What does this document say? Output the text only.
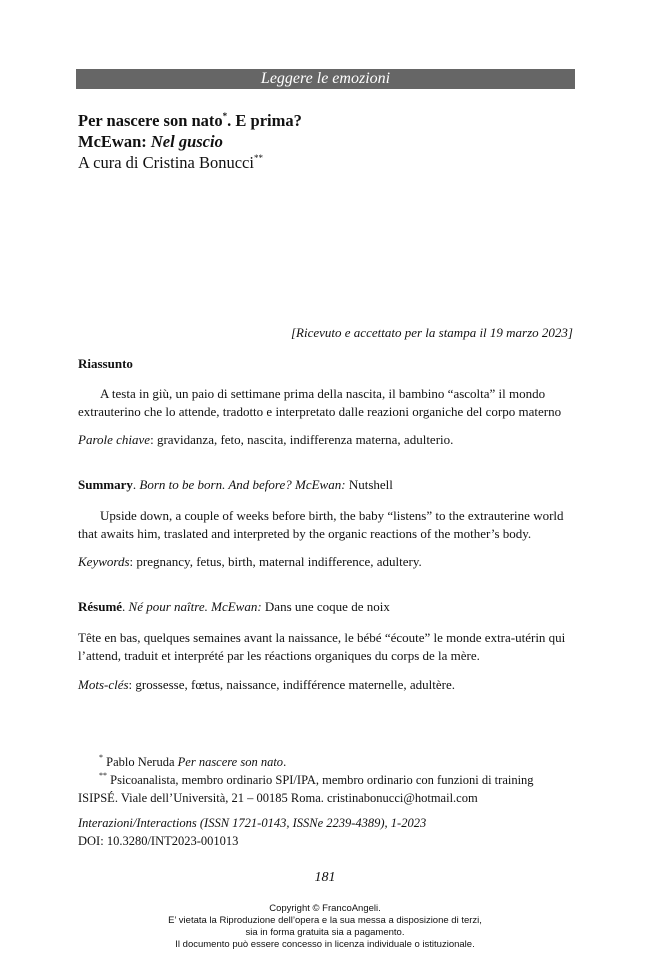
Leggere le emozioni
Per nascere son nato*. E prima?
McEwan: Nel guscio
A cura di Cristina Bonucci**
[Ricevuto e accettato per la stampa il 19 marzo 2023]
Riassunto
A testa in giù, un paio di settimane prima della nascita, il bambino “ascolta” il mondo
extrauterino che lo attende, tradotto e interpretato dalle reazioni organiche del corpo materno
Parole chiave: gravidanza, feto, nascita, indifferenza materna, adulterio.
Summary. Born to be born. And before? McEwan: Nutshell
Upside down, a couple of weeks before birth, the baby “listens” to the extrauterine world
that awaits him, traslated and interpreted by the organic reactions of the mother’s body.
Keywords: pregnancy, fetus, birth, maternal indifference, adultery.
Résumé. Né pour naître. McEwan: Dans une coque de noix
Tête en bas, quelques semaines avant la naissance, le bébé “écoute” le monde extra-utérin qui
l’attend, traduit et interprété par les réactions organiques du corps de la mère.
Mots-clés: grossesse, fœtus, naissance, indifférence maternelle, adultère.
* Pablo Neruda Per nascere son nato.
** Psicoanalista, membro ordinario SPI/IPA, membro ordinario con funzioni di training
ISIPSÉ. Viale dell’Università, 21 – 00185 Roma. cristinabonucci@hotmail.com
Interazioni/Interactions (ISSN 1721-0143, ISSNe 2239-4389), 1-2023
DOI: 10.3280/INT2023-001013
181
Copyright © FrancoAngeli.
E’ vietata la Riproduzione dell’opera e la sua messa a disposizione di terzi,
sia in forma gratuita sia a pagamento.
Il documento può essere concesso in licenza individuale o istituzionale.
